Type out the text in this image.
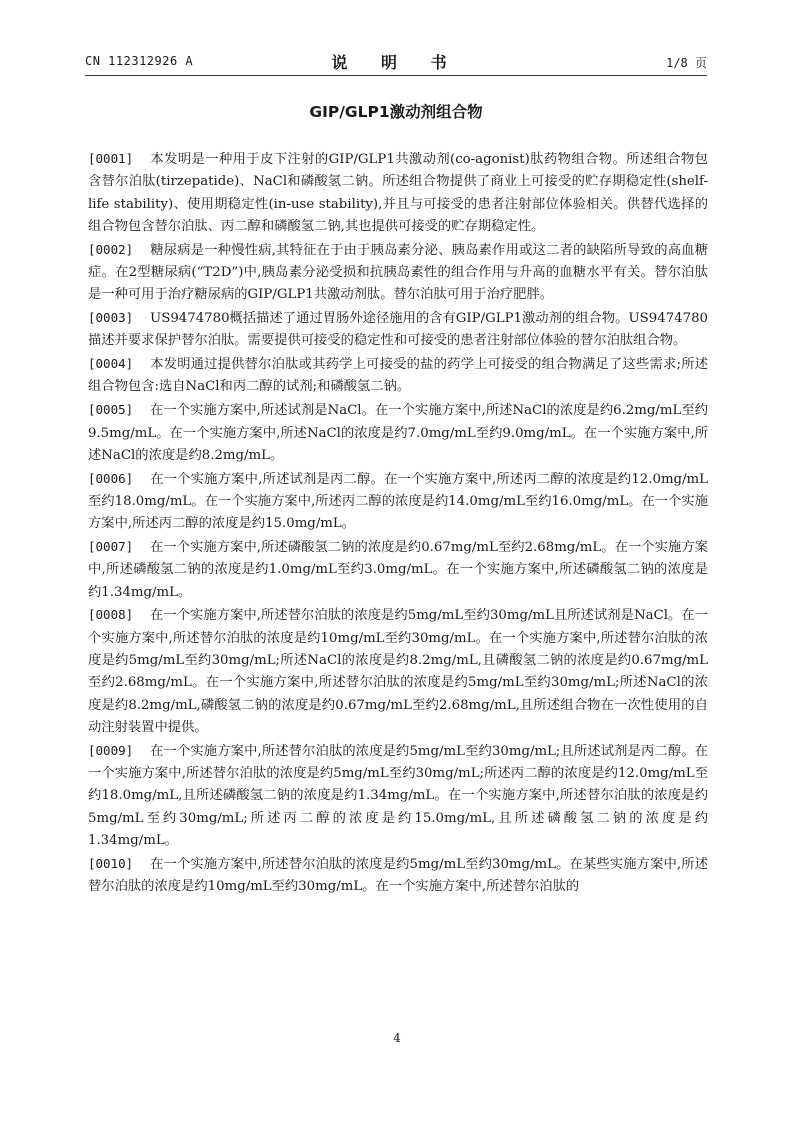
CN 112312926 A	说 明 书	1/8 页
GIP/GLP1激动剂组合物

[0001] 本发明是一种用于皮下注射的GIP/GLP1共激动剂(co-agonist)肽药物组合物。所述组合物包含替尔泊肽(tirzepatide)、NaCl和磷酸氢二钠。所述组合物提供了商业上可接受的贮存期稳定性(shelf-life stability)、使用期稳定性(in-use stability),并且与可接受的患者注射部位体验相关。供替代选择的组合物包含替尔泊肽、丙二醇和磷酸氢二钠,其也提供可接受的贮存期稳定性。

[0002] 糖尿病是一种慢性病,其特征在于由于胰岛素分泌、胰岛素作用或这二者的缺陷所导致的高血糖症。在2型糖尿病(“T2D”)中,胰岛素分泌受损和抗胰岛素性的组合作用与升高的血糖水平有关。替尔泊肽是一种可用于治疗糖尿病的GIP/GLP1共激动剂肽。替尔泊肽可用于治疗肥胖。

[0003] US9474780概括描述了通过胃肠外途径施用的含有GIP/GLP1激动剂的组合物。US9474780描述并要求保护替尔泊肽。需要提供可接受的稳定性和可接受的患者注射部位体验的替尔泊肽组合物。

[0004] 本发明通过提供替尔泊肽或其药学上可接受的盐的药学上可接受的组合物满足了这些需求;所述组合物包含:选自NaCl和丙二醇的试剂;和磷酸氢二钠。

[0005] 在一个实施方案中,所述试剂是NaCl。在一个实施方案中,所述NaCl的浓度是约6.2mg/mL至约9.5mg/mL。在一个实施方案中,所述NaCl的浓度是约7.0mg/mL至约9.0mg/mL。在一个实施方案中,所述NaCl的浓度是约8.2mg/mL。

[0006] 在一个实施方案中,所述试剂是丙二醇。在一个实施方案中,所述丙二醇的浓度是约12.0mg/mL至约18.0mg/mL。在一个实施方案中,所述丙二醇的浓度是约14.0mg/mL至约16.0mg/mL。在一个实施方案中,所述丙二醇的浓度是约15.0mg/mL。

[0007] 在一个实施方案中,所述磷酸氢二钠的浓度是约0.67mg/mL至约2.68mg/mL。在一个实施方案中,所述磷酸氢二钠的浓度是约1.0mg/mL至约3.0mg/mL。在一个实施方案中,所述磷酸氢二钠的浓度是约1.34mg/mL。

[0008] 在一个实施方案中,所述替尔泊肽的浓度是约5mg/mL至约30mg/mL且所述试剂是NaCl。在一个实施方案中,所述替尔泊肽的浓度是约10mg/mL至约30mg/mL。在一个实施方案中,所述替尔泊肽的浓度是约5mg/mL至约30mg/mL;所述NaCl的浓度是约8.2mg/mL,且磷酸氢二钠的浓度是约0.67mg/mL至约2.68mg/mL。在一个实施方案中,所述替尔泊肽的浓度是约5mg/mL至约30mg/mL;所述NaCl的浓度是约8.2mg/mL,磷酸氢二钠的浓度是约0.67mg/mL至约2.68mg/mL,且所述组合物在一次性使用的自动注射装置中提供。

[0009] 在一个实施方案中,所述替尔泊肽的浓度是约5mg/mL至约30mg/mL;且所述试剂是丙二醇。在一个实施方案中,所述替尔泊肽的浓度是约5mg/mL至约30mg/mL;所述丙二醇的浓度是约12.0mg/mL至约18.0mg/mL,且所述磷酸氢二钠的浓度是约1.34mg/mL。在一个实施方案中,所述替尔泊肽的浓度是约5mg/mL至约30mg/mL;所述丙二醇的浓度是约15.0mg/mL,且所述磷酸氢二钠的浓度是约1.34mg/mL。

[0010] 在一个实施方案中,所述替尔泊肽的浓度是约5mg/mL至约30mg/mL。在某些实施方案中,所述替尔泊肽的浓度是约10mg/mL至约30mg/mL。在一个实施方案中,所述替尔泊肽的

4
